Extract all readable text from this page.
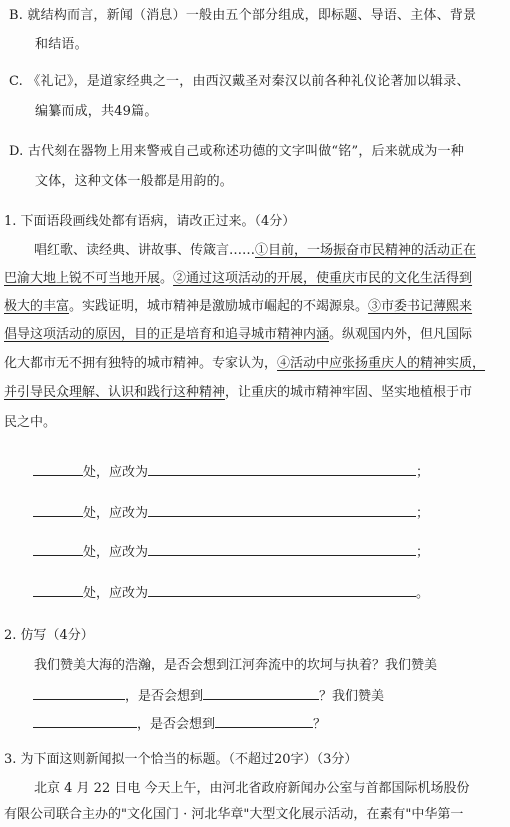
B. 就结构而言，新闻（消息）一般由五个部分组成，即标题、导语、主体、背景
和结语。
C. 《礼记》，是道家经典之一，由西汉戴圣对秦汉以前各种礼仪论著加以辑录、
编纂而成，共49篇。
D. 古代刻在器物上用来警戒自己或称述功德的文字叫做“铭”，后来就成为一种
文体，这种文体一般都是用韵的。
1. 下面语段画线处都有语病，请改正过来。（4分）
唱红歌、读经典、讲故事、传箴言……①目前，一场振奋市民精神的活动正在
巴渝大地上锐不可当地开展。②通过这项活动的开展，使重庆市民的文化生活得到
极大的丰富。实践证明，城市精神是激励城市崛起的不竭源泉。③市委书记薄熙来
倡导这项活动的原因，目的正是培育和追寻城市精神内涵。纵观国内外，但凡国际
化大都市无不拥有独特的城市精神。专家认为，④活动中应张扬重庆人的精神实质，
并引导民众理解、认识和践行这种精神，让重庆的城市精神牢固、坚实地植根于市
民之中。
处，应改为	；
处，应改为	；
处，应改为	；
处，应改为	。
2. 仿写（4分）
我们赞美大海的浩瀚，是否会想到江河奔流中的坎坷与执着？我们赞美
，是否会想到	？我们赞美
，是否会想到	？
3. 为下面这则新闻拟一个恰当的标题。（不超过20字）（3分）
北京 4 月 22 日电 今天上午，由河北省政府新闻办公室与首都国际机场股份
有限公司联合主办的"文化国门 · 河北华章"大型文化展示活动，在素有"中华第一
